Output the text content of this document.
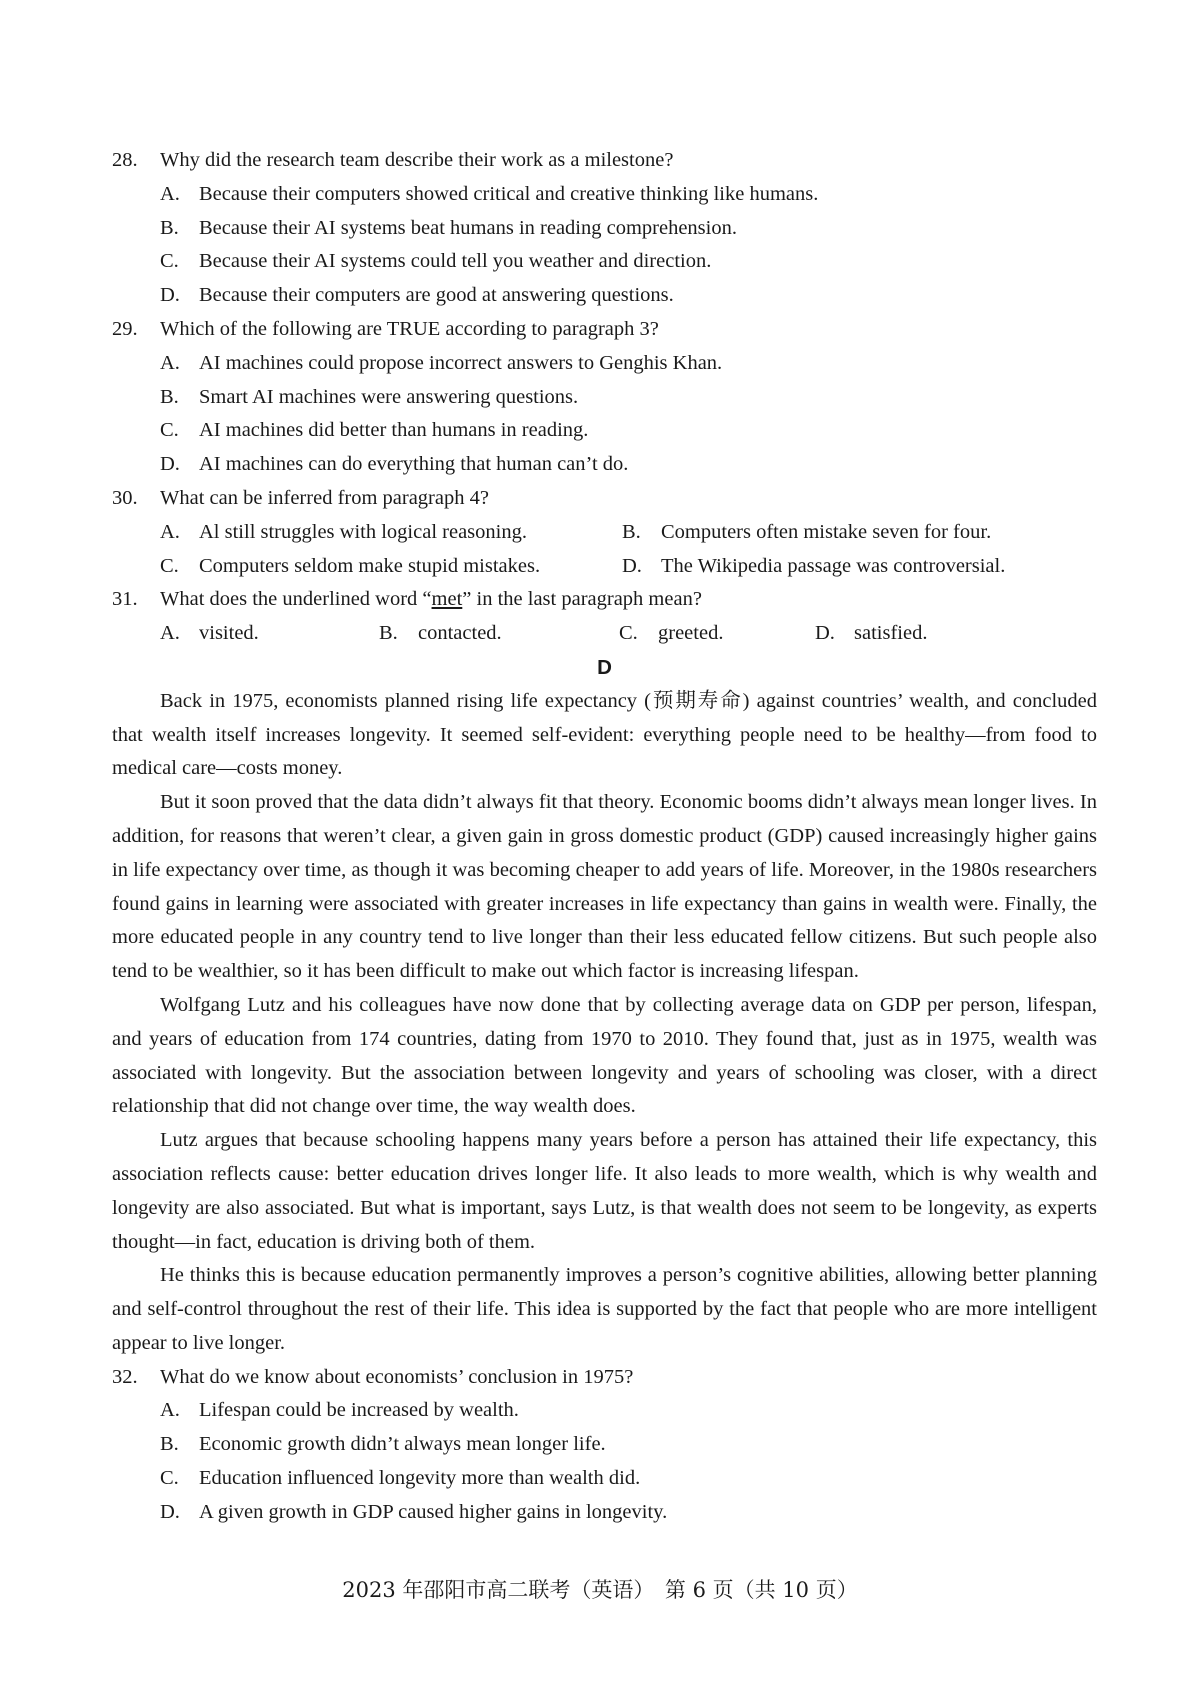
28.	Why did the research team describe their work as a milestone?
A. Because their computers showed critical and creative thinking like humans.
B. Because their AI systems beat humans in reading comprehension.
C. Because their AI systems could tell you weather and direction.
D. Because their computers are good at answering questions.
29.	Which of the following are TRUE according to paragraph 3?
A. AI machines could propose incorrect answers to Genghis Khan.
B. Smart AI machines were answering questions.
C. AI machines did better than humans in reading.
D. AI machines can do everything that human can’t do.
30.	What can be inferred from paragraph 4?
A. Al still struggles with logical reasoning.	B. Computers often mistake seven for four.
C. Computers seldom make stupid mistakes.	D. The Wikipedia passage was controversial.
31.	What does the underlined word “met” in the last paragraph mean?
A. visited.	B. contacted.	C. greeted.	D. satisfied.
D
Back in 1975, economists planned rising life expectancy (预期寿命) against countries’ wealth, and concluded that wealth itself increases longevity. It seemed self-evident: everything people need to be healthy—from food to medical care—costs money.
But it soon proved that the data didn’t always fit that theory. Economic booms didn’t always mean longer lives. In addition, for reasons that weren’t clear, a given gain in gross domestic product (GDP) caused increasingly higher gains in life expectancy over time, as though it was becoming cheaper to add years of life. Moreover, in the 1980s researchers found gains in learning were associated with greater increases in life expectancy than gains in wealth were. Finally, the more educated people in any country tend to live longer than their less educated fellow citizens. But such people also tend to be wealthier, so it has been difficult to make out which factor is increasing lifespan.
Wolfgang Lutz and his colleagues have now done that by collecting average data on GDP per person, lifespan, and years of education from 174 countries, dating from 1970 to 2010. They found that, just as in 1975, wealth was associated with longevity. But the association between longevity and years of schooling was closer, with a direct relationship that did not change over time, the way wealth does.
Lutz argues that because schooling happens many years before a person has attained their life expectancy, this association reflects cause: better education drives longer life. It also leads to more wealth, which is why wealth and longevity are also associated. But what is important, says Lutz, is that wealth does not seem to be longevity, as experts thought—in fact, education is driving both of them.
He thinks this is because education permanently improves a person’s cognitive abilities, allowing better planning and self-control throughout the rest of their life. This idea is supported by the fact that people who are more intelligent appear to live longer.
32.	What do we know about economists’ conclusion in 1975?
A. Lifespan could be increased by wealth.
B. Economic growth didn’t always mean longer life.
C. Education influenced longevity more than wealth did.
D. A given growth in GDP caused higher gains in longevity.
2023 年邵阳市高二联考（英语）　第 6 页（共 10 页）
